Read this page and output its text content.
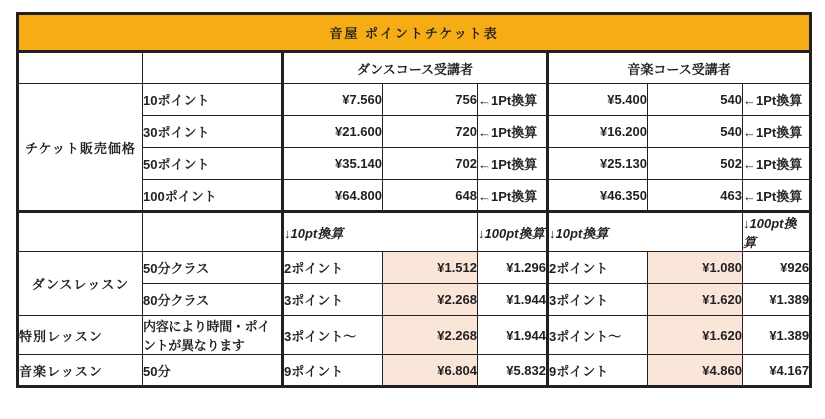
音屋 ポイントチケット表							
		ダンスコース受講者			音楽コース受講者		
チケット販売価格	10ポイント	¥7.560	756	←1Pt換算	¥5.400	540	←1Pt換算
	30ポイント	¥21.600	720	←1Pt換算	¥16.200	540	←1Pt換算
	50ポイント	¥35.140	702	←1Pt換算	¥25.130	502	←1Pt換算
	100ポイント	¥64.800	648	←1Pt換算	¥46.350	463	←1Pt換算
		↓10pt換算		↓100pt換算	↓10pt換算		↓100pt換算
ダンスレッスン	50分クラス	2ポイント	¥1.512	¥1.296	2ポイント	¥1.080	¥926
	80分クラス	3ポイント	¥2.268	¥1.944	3ポイント	¥1.620	¥1.389
特別レッスン	内容により時間・ポイントが異なります	3ポイント〜	¥2.268	¥1.944	3ポイント〜	¥1.620	¥1.389
音楽レッスン	50分	9ポイント	¥6.804	¥5.832	9ポイント	¥4.860	¥4.167
